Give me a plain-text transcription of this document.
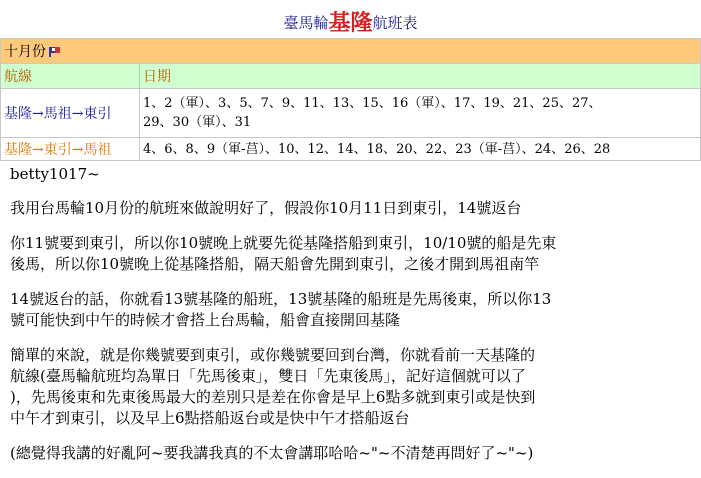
臺馬輪基隆航班表
十月份	

航線	日期
基隆→馬祖→東引	1、2（軍）、3、5、7、9、11、13、15、16（軍）、17、19、21、25、27、
29、30（軍）、31

基隆→東引→馬祖	4、6、8、9（軍-莒）、10、12、14、18、20、22、23（軍-莒）、24、26、28

betty1017~

我用台馬輪10月份的航班來做說明好了，假設你10月11日到東引，14號返台

你11號要到東引，所以你10號晚上就要先從基隆搭船到東引，10/10號的船是先東
後馬，所以你10號晚上從基隆搭船，隔天船會先開到東引，之後才開到馬祖南竿

14號返台的話，你就看13號基隆的船班，13號基隆的船班是先馬後東，所以你13
號可能快到中午的時候才會搭上台馬輪，船會直接開回基隆

簡單的來說，就是你幾號要到東引，或你幾號要回到台灣，你就看前一天基隆的
航線(臺馬輪航班均為單日「先馬後東」，雙日「先東後馬」，記好這個就可以了
)，先馬後東和先東後馬最大的差別只是差在你會是早上6點多就到東引或是快到
中午才到東引，以及早上6點搭船返台或是快中午才搭船返台

(總覺得我講的好亂阿~要我講我真的不太會講耶哈哈~"~不清楚再問好了~"~)
